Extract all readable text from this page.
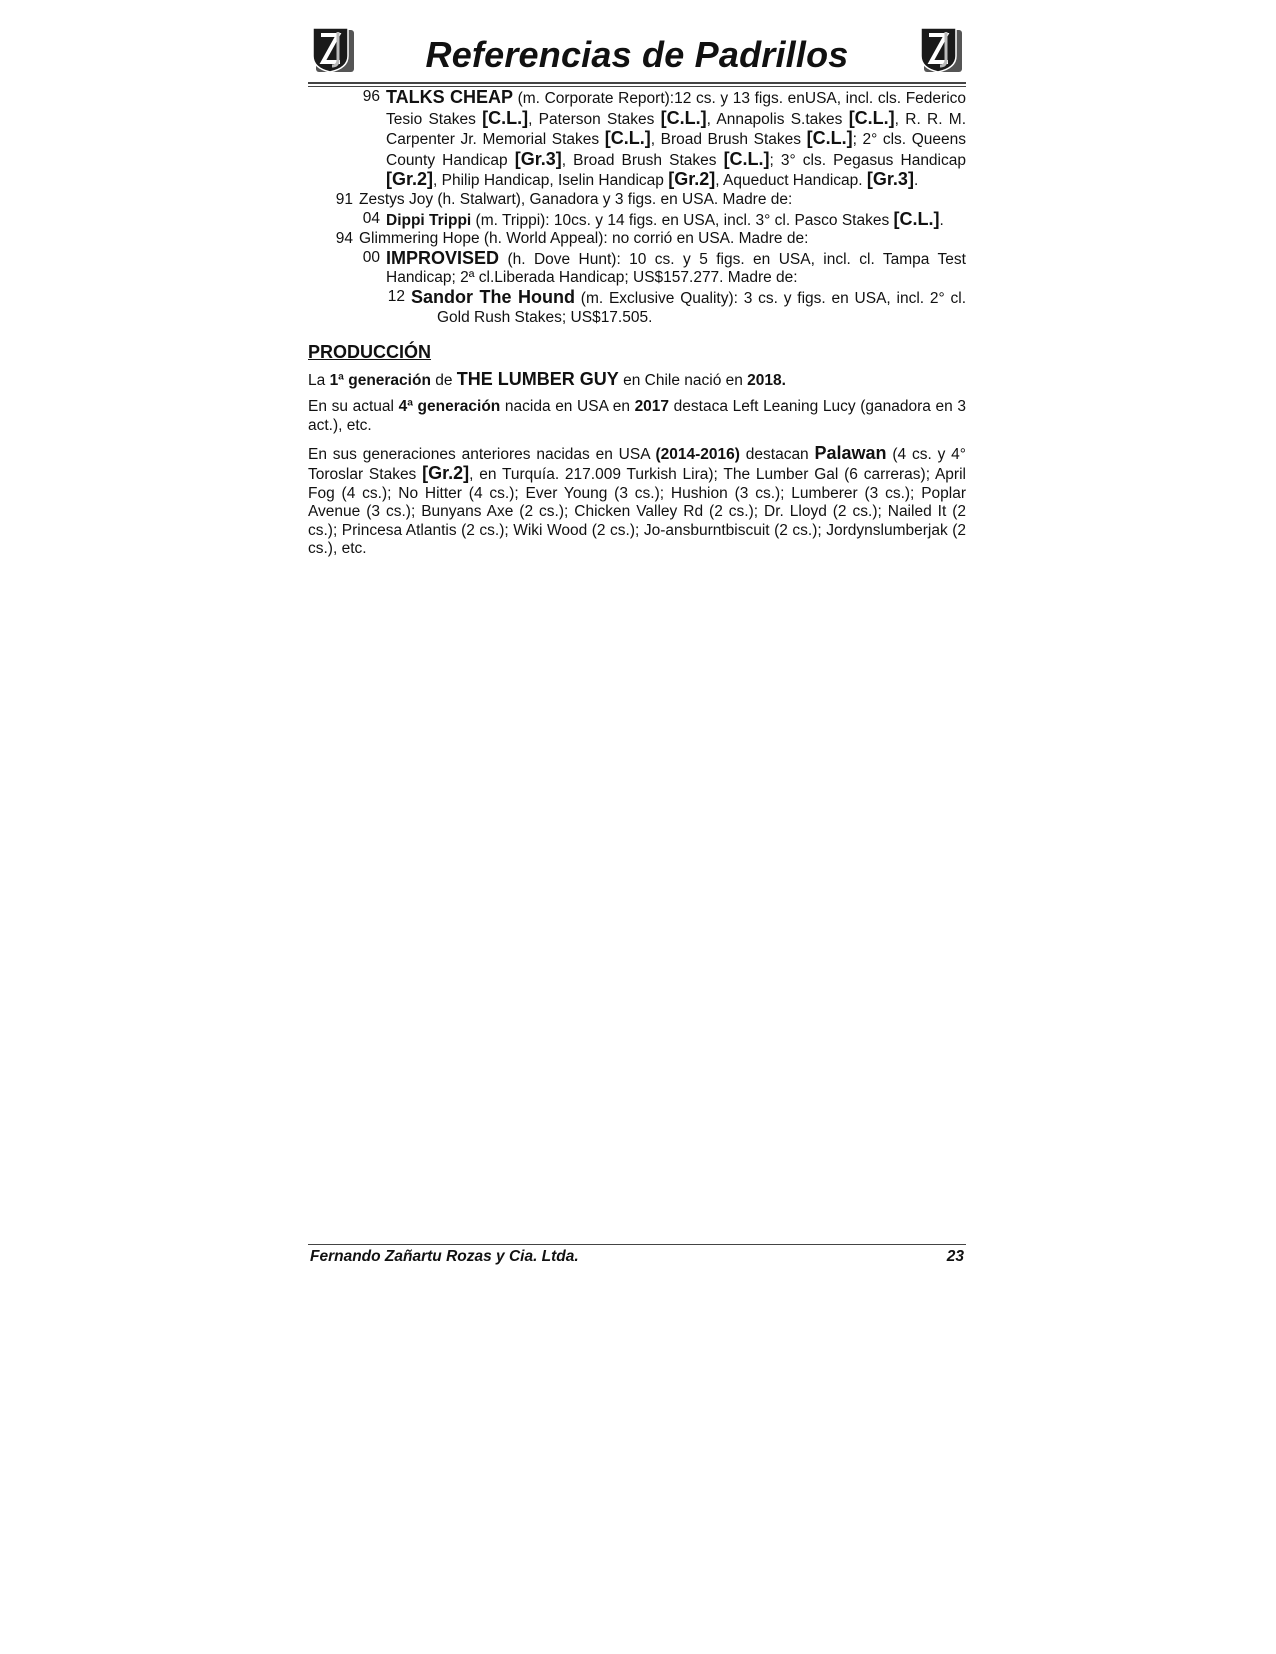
Referencias de Padrillos
96 TALKS CHEAP (m. Corporate Report):12 cs. y 13 figs. enUSA, incl. cls. Federico Tesio Stakes [C.L.], Paterson Stakes [C.L.], Annapolis S.takes [C.L.], R. R. M. Carpenter Jr. Memorial Stakes [C.L.], Broad Brush Stakes [C.L.]; 2° cls. Queens County Handicap [Gr.3], Broad Brush Stakes [C.L.]; 3° cls. Pegasus Handicap [Gr.2], Philip Handicap, Iselin Handicap [Gr.2], Aqueduct Handicap. [Gr.3].
91 Zestys Joy (h. Stalwart), Ganadora y 3 figs. en USA. Madre de:
04 Dippi Trippi (m. Trippi): 10cs. y 14 figs. en USA, incl. 3° cl. Pasco Stakes [C.L.].
94 Glimmering Hope (h. World Appeal): no corrió en USA. Madre de:
00 IMPROVISED (h. Dove Hunt): 10 cs. y 5 figs. en USA, incl. cl. Tampa Test Handicap; 2ª cl.Liberada Handicap; US$157.277. Madre de:
12 Sandor The Hound (m. Exclusive Quality): 3 cs. y figs. en USA, incl. 2° cl. Gold Rush Stakes; US$17.505.
PRODUCCIÓN
La 1ª generación de THE LUMBER GUY en Chile nació en 2018.
En su actual 4ª generación nacida en USA en 2017 destaca Left Leaning Lucy (ganadora en 3 act.), etc.
En sus generaciones anteriores nacidas en USA (2014-2016) destacan Palawan (4 cs. y 4° Toroslar Stakes [Gr.2], en Turquía. 217.009 Turkish Lira); The Lumber Gal (6 carreras); April Fog (4 cs.); No Hitter (4 cs.); Ever Young (3 cs.); Hushion (3 cs.); Lumberer (3 cs.); Poplar Avenue (3 cs.); Bunyans Axe (2 cs.); Chicken Valley Rd (2 cs.); Dr. Lloyd (2 cs.); Nailed It (2 cs.); Princesa Atlantis (2 cs.); Wiki Wood (2 cs.); Jo-ansburntbiscuit (2 cs.); Jordynslumberjak (2 cs.), etc.
Fernando Zañartu Rozas y Cia. Ltda.	23
